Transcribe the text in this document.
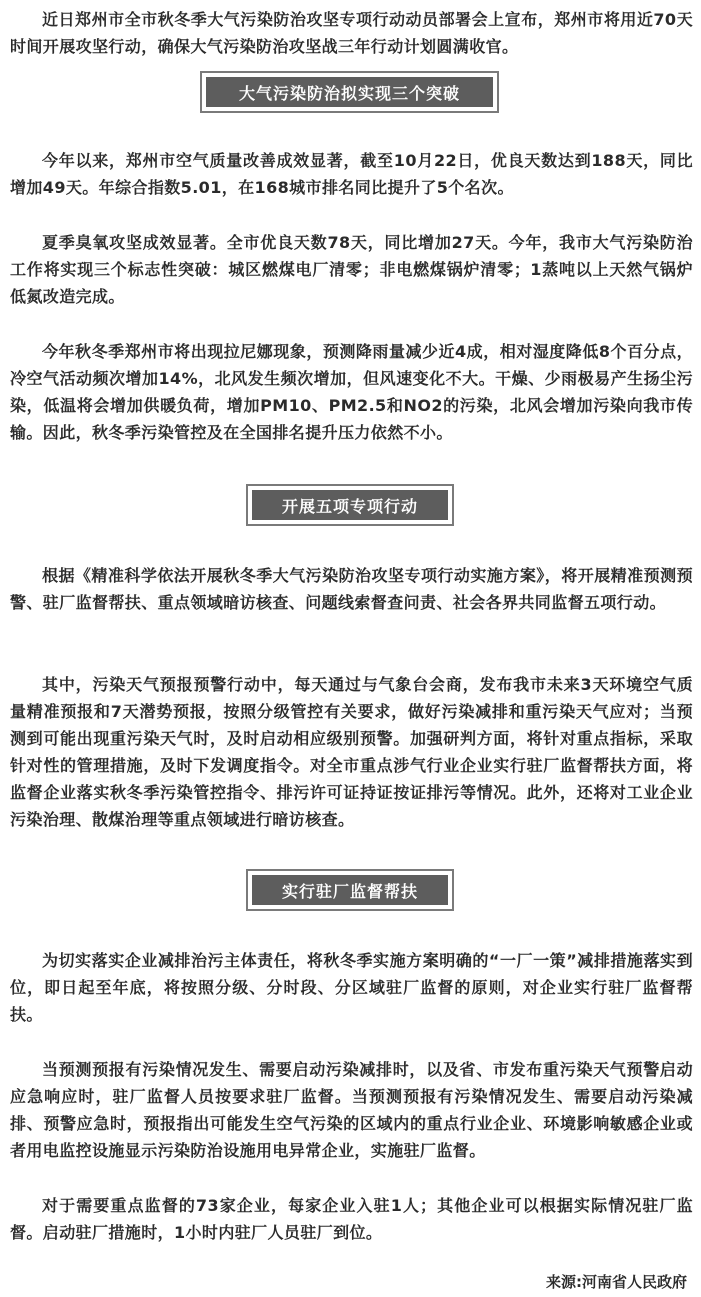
近日郑州市全市秋冬季大气污染防治攻坚专项行动动员部署会上宣布，郑州市将用近70天时间开展攻坚行动，确保大气污染防治攻坚战三年行动计划圆满收官。

大气污染防治拟实现三个突破

今年以来，郑州市空气质量改善成效显著，截至10月22日，优良天数达到188天，同比增加49天。年综合指数5.01，在168城市排名同比提升了5个名次。

夏季臭氧攻坚成效显著。全市优良天数78天，同比增加27天。今年，我市大气污染防治工作将实现三个标志性突破：城区燃煤电厂清零；非电燃煤锅炉清零；1蒸吨以上天然气锅炉低氮改造完成。

今年秋冬季郑州市将出现拉尼娜现象，预测降雨量减少近4成，相对湿度降低8个百分点，冷空气活动频次增加14%，北风发生频次增加，但风速变化不大。干燥、少雨极易产生扬尘污染，低温将会增加供暖负荷，增加PM10、PM2.5和NO2的污染，北风会增加污染向我市传输。因此，秋冬季污染管控及在全国排名提升压力依然不小。

开展五项专项行动

根据《精准科学依法开展秋冬季大气污染防治攻坚专项行动实施方案》，将开展精准预测预警、驻厂监督帮扶、重点领域暗访核查、问题线索督查问责、社会各界共同监督五项行动。

其中，污染天气预报预警行动中，每天通过与气象台会商，发布我市未来3天环境空气质量精准预报和7天潜势预报，按照分级管控有关要求，做好污染减排和重污染天气应对；当预测到可能出现重污染天气时，及时启动相应级别预警。加强研判方面，将针对重点指标，采取针对性的管理措施，及时下发调度指令。对全市重点涉气行业企业实行驻厂监督帮扶方面，将监督企业落实秋冬季污染管控指令、排污许可证持证按证排污等情况。此外，还将对工业企业污染治理、散煤治理等重点领域进行暗访核查。

实行驻厂监督帮扶

为切实落实企业减排治污主体责任，将秋冬季实施方案明确的“一厂一策”减排措施落实到位，即日起至年底，将按照分级、分时段、分区域驻厂监督的原则，对企业实行驻厂监督帮扶。

当预测预报有污染情况发生、需要启动污染减排时，以及省、市发布重污染天气预警启动应急响应时，驻厂监督人员按要求驻厂监督。当预测预报有污染情况发生、需要启动污染减排、预警应急时，预报指出可能发生空气污染的区域内的重点行业企业、环境影响敏感企业或者用电监控设施显示污染防治设施用电异常企业，实施驻厂监督。

对于需要重点监督的73家企业，每家企业入驻1人；其他企业可以根据实际情况驻厂监督。启动驻厂措施时，1小时内驻厂人员驻厂到位。

来源:河南省人民政府
